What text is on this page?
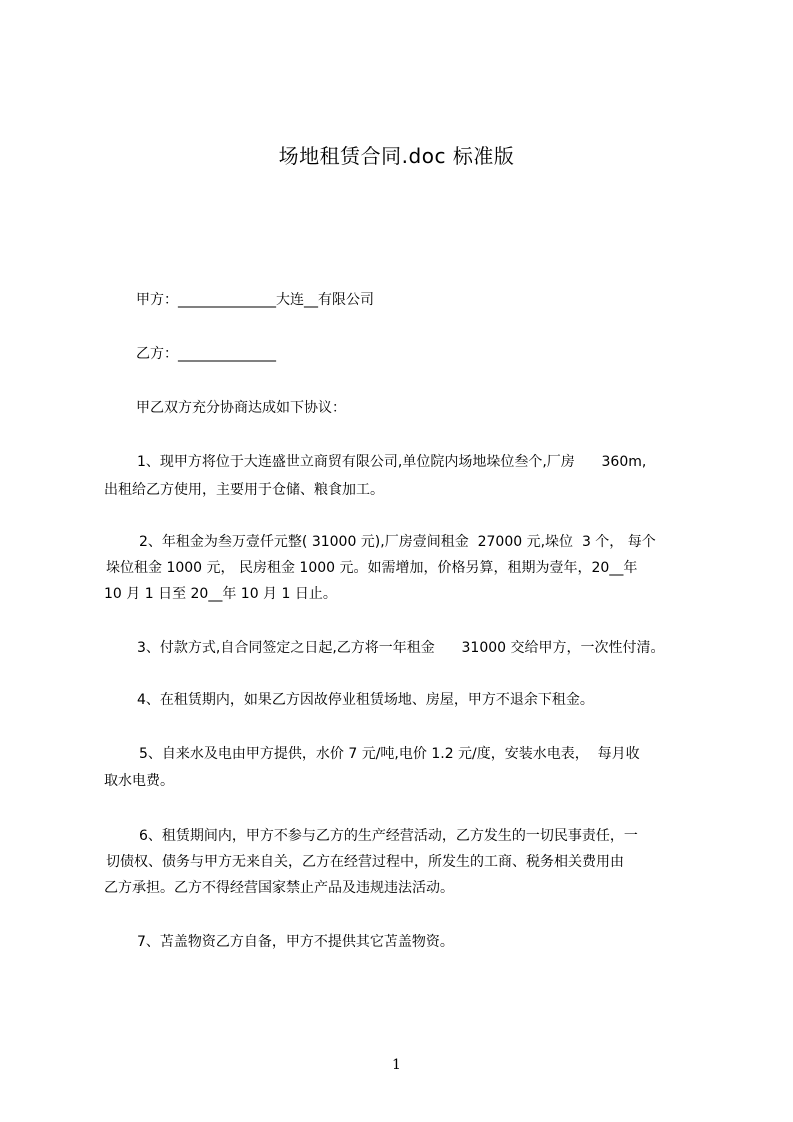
场地租赁合同.doc 标准版
甲方：______________大连__有限公司
乙方：______________
甲乙双方充分协商达成如下协议：
1、现甲方将位于大连盛世立商贸有限公司,单位院内场地垛位叁个,厂房      360m,
出租给乙方使用，主要用于仓储、粮食加工。
2、年租金为叁万壹仟元整( 31000 元),厂房壹间租金  27000 元,垛位  3 个， 每个
垛位租金 1000 元， 民房租金 1000 元。如需增加，价格另算，租期为壹年，20__年
10 月 1 日至 20__年 10 月 1 日止。
3、付款方式,自合同签定之日起,乙方将一年租金      31000 交给甲方，一次性付清。
4、在租赁期内，如果乙方因故停业租赁场地、房屋，甲方不退余下租金。
5、自来水及电由甲方提供，水价 7 元/吨,电价 1.2 元/度，安装水电表，  每月收
取水电费。
6、租赁期间内，甲方不参与乙方的生产经营活动，乙方发生的一切民事责任，一
切债权、债务与甲方无来自关，乙方在经营过程中，所发生的工商、税务相关费用由
乙方承担。乙方不得经营国家禁止产品及违规违法活动。
7、苫盖物资乙方自备，甲方不提供其它苫盖物资。
1
